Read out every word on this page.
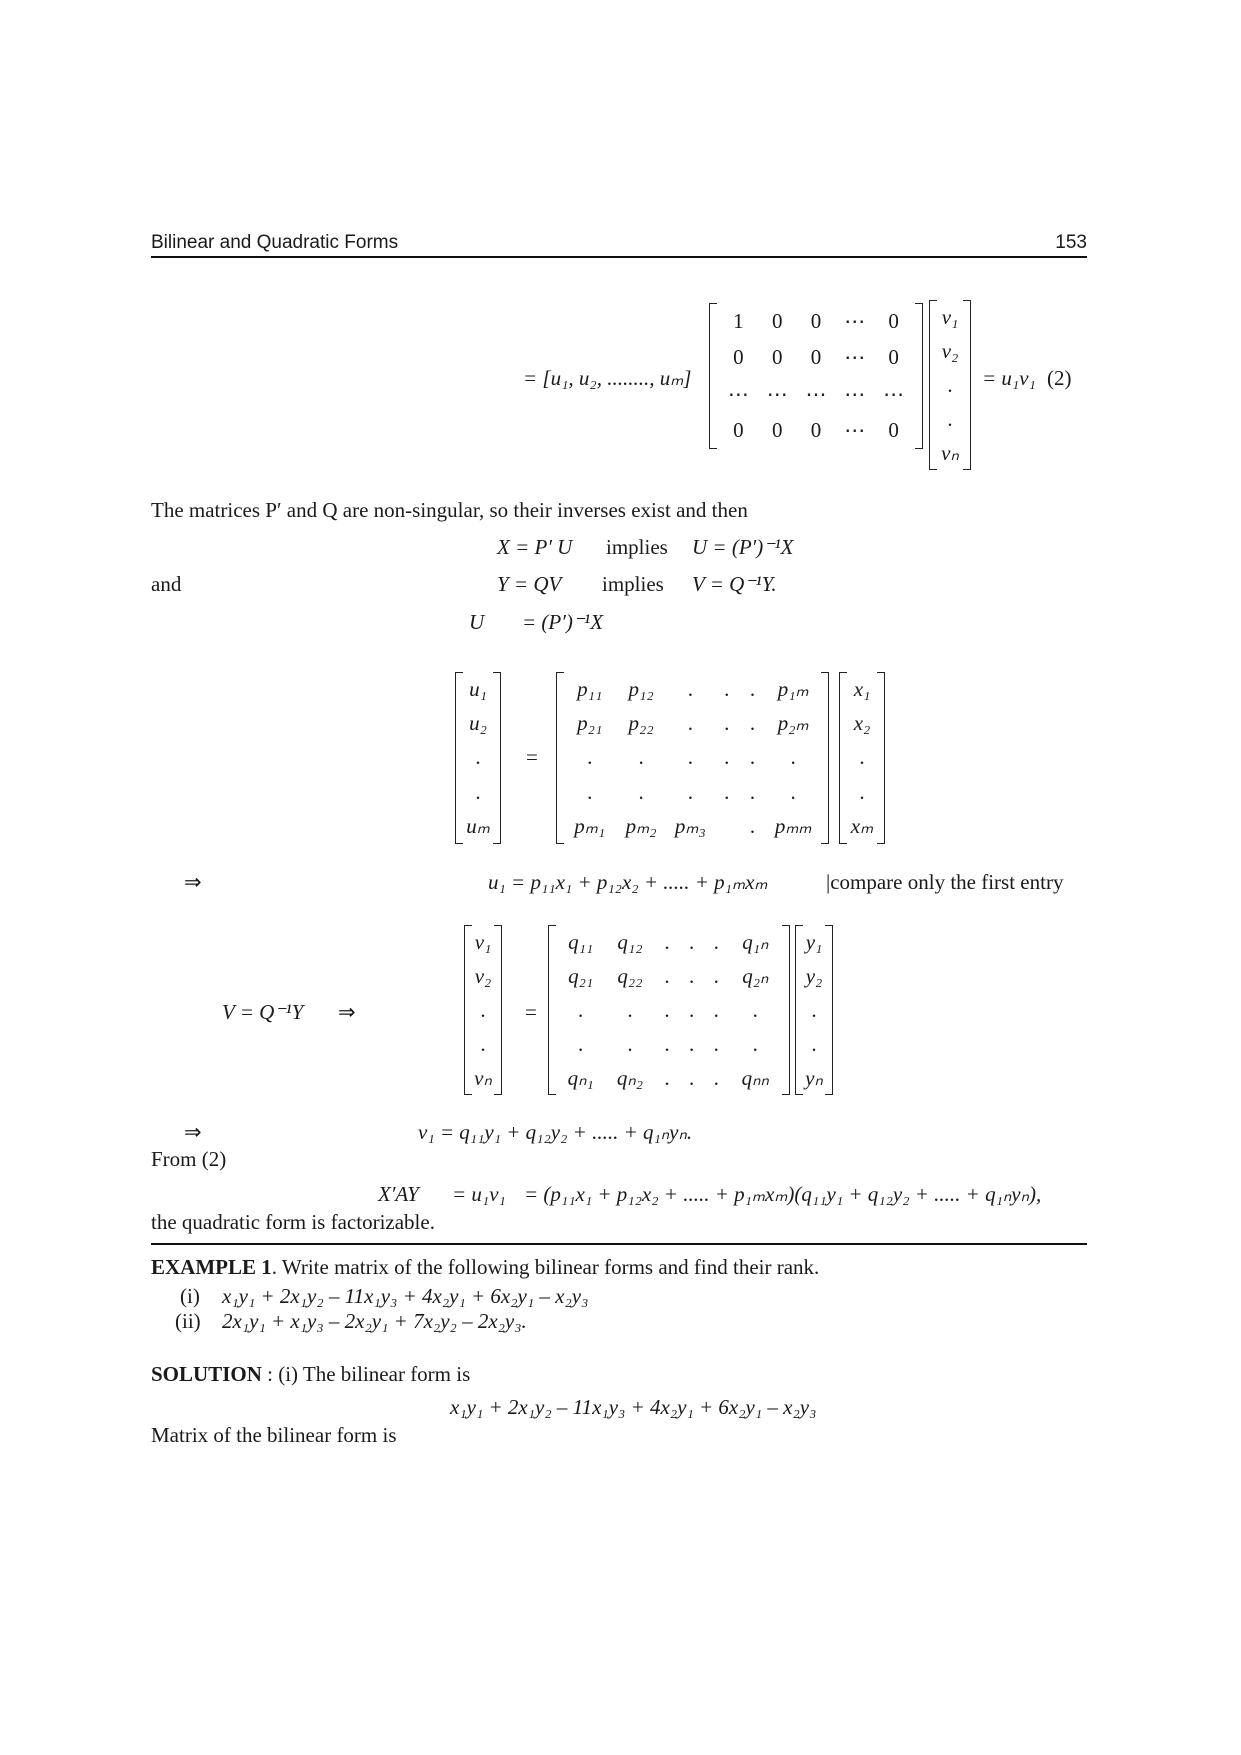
Bilinear and Quadratic Forms	153
= [u₁, u₂, ........, uₘ]
1 0 0 ⋯ 0
0 0 0 ⋯ 0
⋯ ⋯ ⋯ ⋯ ⋯
0 0 0 ⋯ 0
v₁
v₂
.
.
vₙ
= u₁v₁ (2)
The matrices P′ and Q are non-singular, so their inverses exist and then
X = P′ U implies U = (P′)⁻¹X
and	Y = QV implies V = Q⁻¹Y.
U = (P′)⁻¹X
u₁
u₂
.
.
uₘ
=
p₁₁ p₁₂ . . . p₁ₘ
p₂₁ p₂₂ . . . p₂ₘ
. . . . . .
. . . . . .
pₘ₁ pₘ₂ pₘ₃ . pₘₘ
x₁
x₂
.
.
xₘ
⇒	u₁ = p₁₁x₁ + p₁₂x₂ + ..... + p₁ₘxₘ	|compare only the first entry
V = Q⁻¹Y ⇒
v₁
v₂
.
.
vₙ
=
q₁₁ q₁₂ . . . q₁ₙ
q₂₁ q₂₂ . . . q₂ₙ
. . . . . .
. . . . . .
qₙ₁ qₙ₂ . . . qₙₙ
y₁
y₂
.
.
yₙ
⇒	v₁ = q₁₁y₁ + q₁₂y₂ + ..... + q₁ₙyₙ.
From (2)
X′AY = u₁v₁ = (p₁₁x₁ + p₁₂x₂ + ..... + p₁ₘxₘ)(q₁₁y₁ + q₁₂y₂ + ..... + q₁ₙyₙ),
the quadratic form is factorizable.
EXAMPLE 1. Write matrix of the following bilinear forms and find their rank.
(i) x₁y₁ + 2x₁y₂ – 11x₁y₃ + 4x₂y₁ + 6x₂y₁ – x₂y₃
(ii) 2x₁y₁ + x₁y₃ – 2x₂y₁ + 7x₂y₂ – 2x₂y₃.
SOLUTION : (i) The bilinear form is
x₁y₁ + 2x₁y₂ – 11x₁y₃ + 4x₂y₁ + 6x₂y₁ – x₂y₃
Matrix of the bilinear form is
